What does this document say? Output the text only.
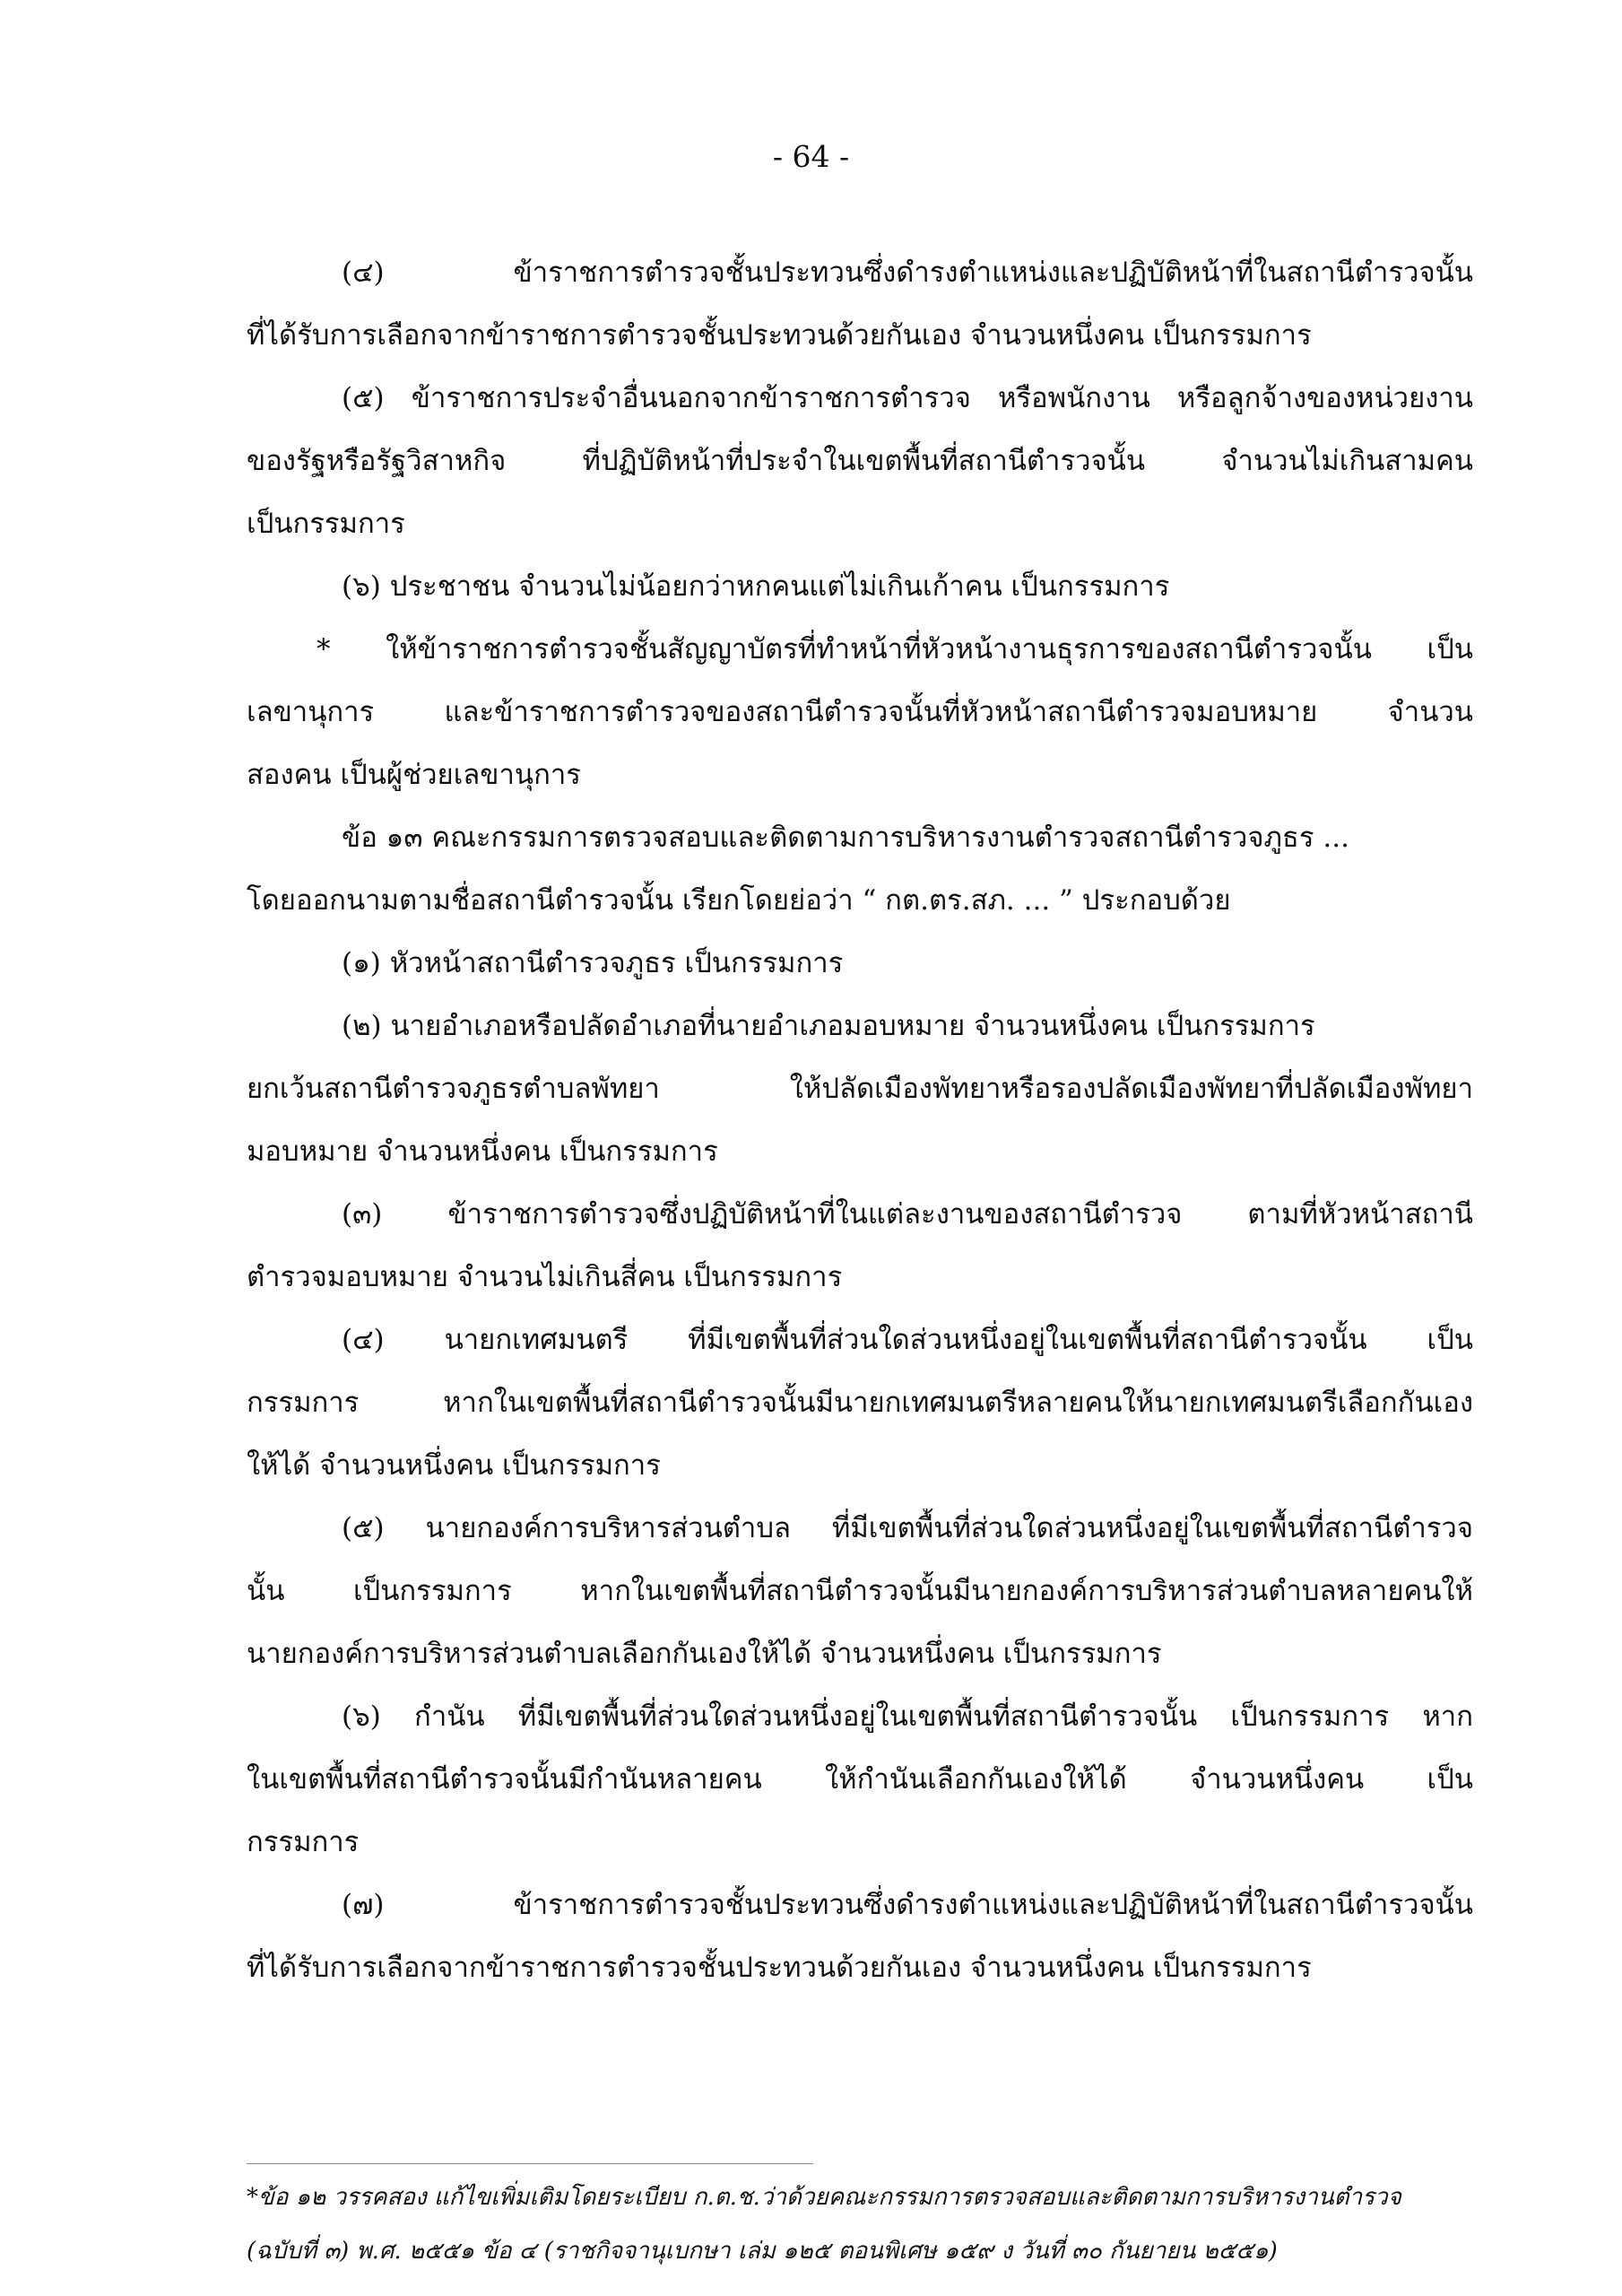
- 64 -
(๔) ข้าราชการตำรวจชั้นประทวนซึ่งดำรงตำแหน่งและปฏิบัติหน้าที่ในสถานีตำรวจนั้น
ที่ได้รับการเลือกจากข้าราชการตำรวจชั้นประทวนด้วยกันเอง จำนวนหนึ่งคน เป็นกรรมการ
(๕) ข้าราชการประจำอื่นนอกจากข้าราชการตำรวจ หรือพนักงาน หรือลูกจ้างของหน่วยงาน
ของรัฐหรือรัฐวิสาหกิจ ที่ปฏิบัติหน้าที่ประจำในเขตพื้นที่สถานีตำรวจนั้น จำนวนไม่เกินสามคน
เป็นกรรมการ
(๖) ประชาชน จำนวนไม่น้อยกว่าหกคนแต่ไม่เกินเก้าคน เป็นกรรมการ
* ให้ข้าราชการตำรวจชั้นสัญญาบัตรที่ทำหน้าที่หัวหน้างานธุรการของสถานีตำรวจนั้น เป็น
เลขานุการ และข้าราชการตำรวจของสถานีตำรวจนั้นที่หัวหน้าสถานีตำรวจมอบหมาย จำนวน
สองคน เป็นผู้ช่วยเลขานุการ
ข้อ ๑๓ คณะกรรมการตรวจสอบและติดตามการบริหารงานตำรวจสถานีตำรวจภูธร ...
โดยออกนามตามชื่อสถานีตำรวจนั้น เรียกโดยย่อว่า “ กต.ตร.สภ. ... ” ประกอบด้วย
(๑) หัวหน้าสถานีตำรวจภูธร เป็นกรรมการ
(๒) นายอำเภอหรือปลัดอำเภอที่นายอำเภอมอบหมาย จำนวนหนึ่งคน เป็นกรรมการ
ยกเว้นสถานีตำรวจภูธรตำบลพัทยา ให้ปลัดเมืองพัทยาหรือรองปลัดเมืองพัทยาที่ปลัดเมืองพัทยา
มอบหมาย จำนวนหนึ่งคน เป็นกรรมการ
(๓) ข้าราชการตำรวจซึ่งปฏิบัติหน้าที่ในแต่ละงานของสถานีตำรวจ ตามที่หัวหน้าสถานี
ตำรวจมอบหมาย จำนวนไม่เกินสี่คน เป็นกรรมการ
(๔) นายกเทศมนตรี ที่มีเขตพื้นที่ส่วนใดส่วนหนึ่งอยู่ในเขตพื้นที่สถานีตำรวจนั้น เป็น
กรรมการ หากในเขตพื้นที่สถานีตำรวจนั้นมีนายกเทศมนตรีหลายคนให้นายกเทศมนตรีเลือกกันเอง
ให้ได้ จำนวนหนึ่งคน เป็นกรรมการ
(๕) นายกองค์การบริหารส่วนตำบล ที่มีเขตพื้นที่ส่วนใดส่วนหนึ่งอยู่ในเขตพื้นที่สถานีตำรวจ
นั้น เป็นกรรมการ หากในเขตพื้นที่สถานีตำรวจนั้นมีนายกองค์การบริหารส่วนตำบลหลายคนให้
นายกองค์การบริหารส่วนตำบลเลือกกันเองให้ได้ จำนวนหนึ่งคน เป็นกรรมการ
(๖) กำนัน ที่มีเขตพื้นที่ส่วนใดส่วนหนึ่งอยู่ในเขตพื้นที่สถานีตำรวจนั้น เป็นกรรมการ หาก
ในเขตพื้นที่สถานีตำรวจนั้นมีกำนันหลายคน ให้กำนันเลือกกันเองให้ได้ จำนวนหนึ่งคน เป็น
กรรมการ
(๗) ข้าราชการตำรวจชั้นประทวนซึ่งดำรงตำแหน่งและปฏิบัติหน้าที่ในสถานีตำรวจนั้น
ที่ได้รับการเลือกจากข้าราชการตำรวจชั้นประทวนด้วยกันเอง จำนวนหนึ่งคน เป็นกรรมการ
*ข้อ ๑๒ วรรคสอง แก้ไขเพิ่มเติมโดยระเบียบ ก.ต.ช.ว่าด้วยคณะกรรมการตรวจสอบและติดตามการบริหารงานตำรวจ
(ฉบับที่ ๓) พ.ศ. ๒๕๕๑ ข้อ ๔ (ราชกิจจานุเบกษา เล่ม ๑๒๕ ตอนพิเศษ ๑๕๙ ง วันที่ ๓๐ กันยายน ๒๕๕๑)
